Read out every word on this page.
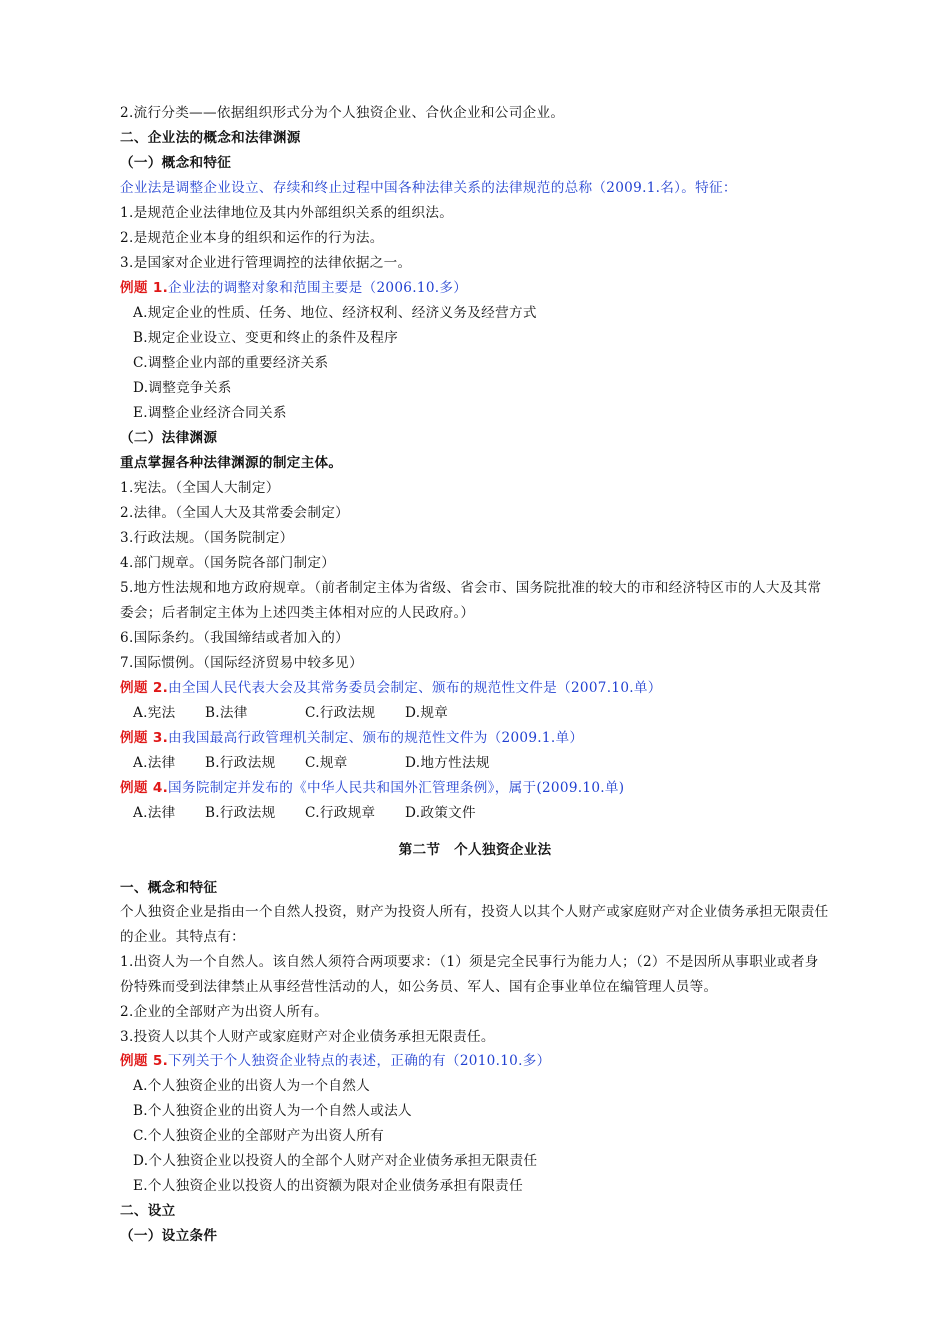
2.流行分类——依据组织形式分为个人独资企业、合伙企业和公司企业。
二、企业法的概念和法律渊源
（一）概念和特征
企业法是调整企业设立、存续和终止过程中国各种法律关系的法律规范的总称（2009.1.名）。特征：
1.是规范企业法律地位及其内外部组织关系的组织法。
2.是规范企业本身的组织和运作的行为法。
3.是国家对企业进行管理调控的法律依据之一。
例题 1.企业法的调整对象和范围主要是（2006.10.多）
A.规定企业的性质、任务、地位、经济权利、经济义务及经营方式
B.规定企业设立、变更和终止的条件及程序
C.调整企业内部的重要经济关系
D.调整竞争关系
E.调整企业经济合同关系
（二）法律渊源
重点掌握各种法律渊源的制定主体。
1.宪法。（全国人大制定）
2.法律。（全国人大及其常委会制定）
3.行政法规。（国务院制定）
4.部门规章。（国务院各部门制定）
5.地方性法规和地方政府规章。（前者制定主体为省级、省会市、国务院批准的较大的市和经济特区市的人大及其常
委会；后者制定主体为上述四类主体相对应的人民政府。）
6.国际条约。（我国缔结或者加入的）
7.国际惯例。（国际经济贸易中较多见）
例题 2.由全国人民代表大会及其常务委员会制定、颁布的规范性文件是（2007.10.单）
A.宪法 B.法律	C.行政法规 D.规章
例题 3.由我国最高行政管理机关制定、颁布的规范性文件为（2009.1.单）
A.法律 B.行政法规 C.规章	D.地方性法规
例题 4.国务院制定并发布的《中华人民共和国外汇管理条例》，属于(2009.10.单)
A.法律 B.行政法规 C.行政规章 D.政策文件
第二节　个人独资企业法
一、概念和特征
个人独资企业是指由一个自然人投资，财产为投资人所有，投资人以其个人财产或家庭财产对企业债务承担无限责任
的企业。其特点有：
1.出资人为一个自然人。该自然人须符合两项要求：（1）须是完全民事行为能力人；（2）不是因所从事职业或者身
份特殊而受到法律禁止从事经营性活动的人，如公务员、军人、国有企事业单位在编管理人员等。
2.企业的全部财产为出资人所有。
3.投资人以其个人财产或家庭财产对企业债务承担无限责任。
例题 5.下列关于个人独资企业特点的表述，正确的有（2010.10.多）
A.个人独资企业的出资人为一个自然人
B.个人独资企业的出资人为一个自然人或法人
C.个人独资企业的全部财产为出资人所有
D.个人独资企业以投资人的全部个人财产对企业债务承担无限责任
E.个人独资企业以投资人的出资额为限对企业债务承担有限责任
二、设立
（一）设立条件
